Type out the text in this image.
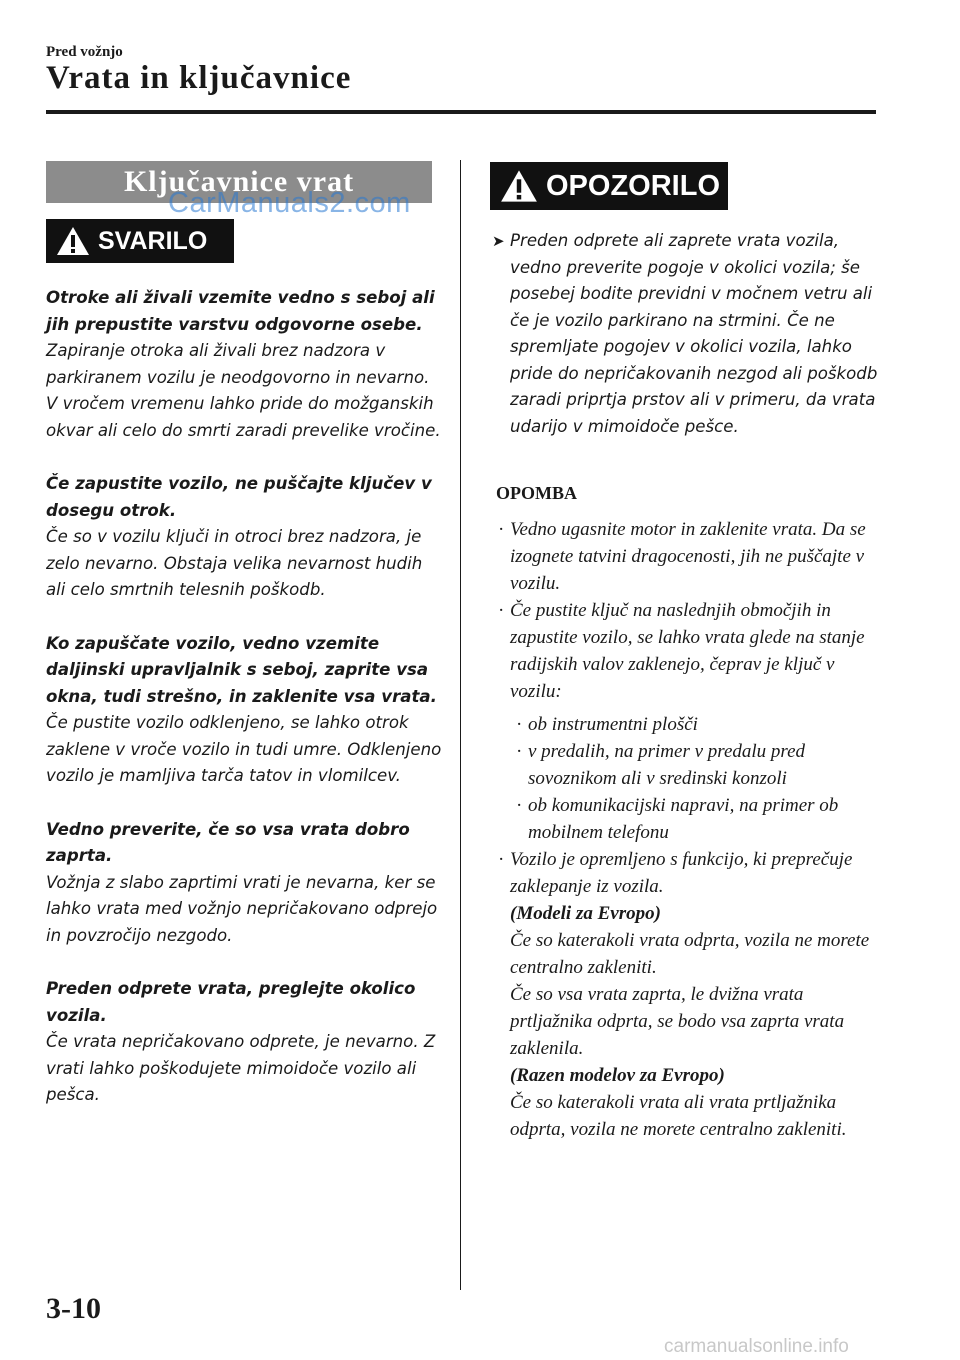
Pred vožnjo
Vrata in ključavnice
Ključavnice vrat
CarManuals2.com
SVARILO
Otroke ali živali vzemite vedno s seboj ali jih prepustite varstvu odgovorne osebe.
Zapiranje otroka ali živali brez nadzora v parkiranem vozilu je neodgovorno in nevarno. V vročem vremenu lahko pride do možganskih okvar ali celo do smrti zaradi prevelike vročine.
Če zapustite vozilo, ne puščajte ključev v dosegu otrok.
Če so v vozilu ključi in otroci brez nadzora, je zelo nevarno. Obstaja velika nevarnost hudih ali celo smrtnih telesnih poškodb.
Ko zapuščate vozilo, vedno vzemite daljinski upravljalnik s seboj, zaprite vsa okna, tudi strešno, in zaklenite vsa vrata.
Če pustite vozilo odklenjeno, se lahko otrok zaklene v vroče vozilo in tudi umre. Odklenjeno vozilo je mamljiva tarča tatov in vlomilcev.
Vedno preverite, če so vsa vrata dobro zaprta.
Vožnja z slabo zaprtimi vrati je nevarna, ker se lahko vrata med vožnjo nepričakovano odprejo in povzročijo nezgodo.
Preden odprete vrata, preglejte okolico vozila.
Če vrata nepričakovano odprete, je nevarno. Z vrati lahko poškodujete mimoidoče vozilo ali pešca.
OPOZORILO
➤ Preden odprete ali zaprete vrata vozila, vedno preverite pogoje v okolici vozila; še posebej bodite previdni v močnem vetru ali če je vozilo parkirano na strmini. Če ne spremljate pogojev v okolici vozila, lahko pride do nepričakovanih nezgod ali poškodb zaradi priprtja prstov ali v primeru, da vrata udarijo v mimoidoče pešce.
OPOMBA
· Vedno ugasnite motor in zaklenite vrata. Da se izognete tatvini dragocenosti, jih ne puščajte v vozilu.
· Če pustite ključ na naslednjih območjih in zapustite vozilo, se lahko vrata glede na stanje radijskih valov zaklenejo, čeprav je ključ v vozilu:
· ob instrumentni plošči
· v predalih, na primer v predalu pred sovoznikom ali v sredinski konzoli
· ob komunikacijski napravi, na primer ob mobilnem telefonu
· Vozilo je opremljeno s funkcijo, ki preprečuje zaklepanje iz vozila.
(Modeli za Evropo)
Če so katerakoli vrata odprta, vozila ne morete centralno zakleniti.
Če so vsa vrata zaprta, le dvižna vrata prtljažnika odprta, se bodo vsa zaprta vrata zaklenila.
(Razen modelov za Evropo)
Če so katerakoli vrata ali vrata prtljažnika odprta, vozila ne morete centralno zakleniti.
3-10
carmanualsonline.info
